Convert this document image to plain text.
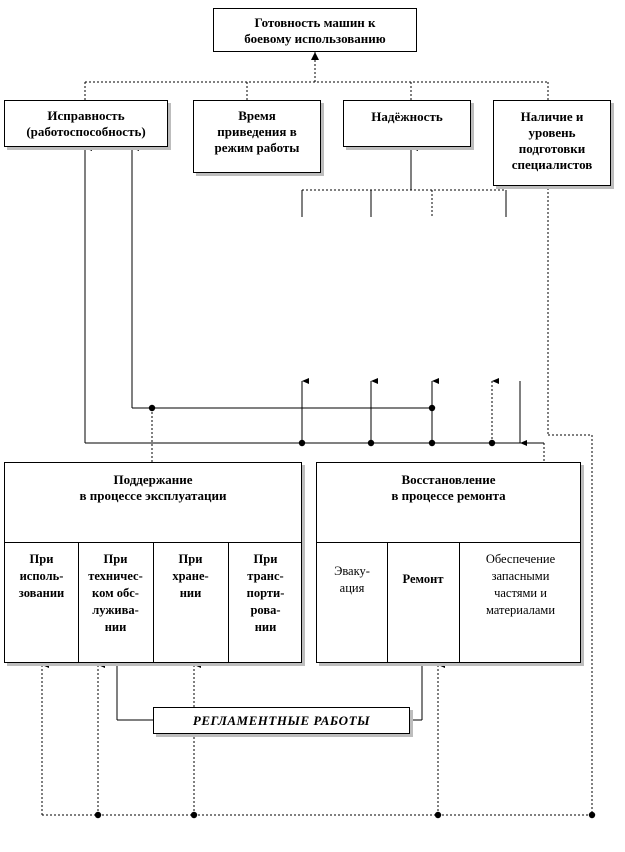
Готовность машин к
боевому использованию
Исправность
(работоспособность)
Время
приведения в
режим работы
Надёжность	Наличие и
уровень
подготовки
специалистов
Поддержание
в процессе эксплуатации
При
исполь-
зовании
При
техничес-
ком обс-
лужива-
нии
При
хране-
нии
При
транс-
порти-
рова-
нии
Восстановление
в процессе ремонта
Эваку-
ация
Ремонт
Обеспечение
запасными
частями и
материалами
РЕГЛАМЕНТНЫЕ РАБОТЫ
